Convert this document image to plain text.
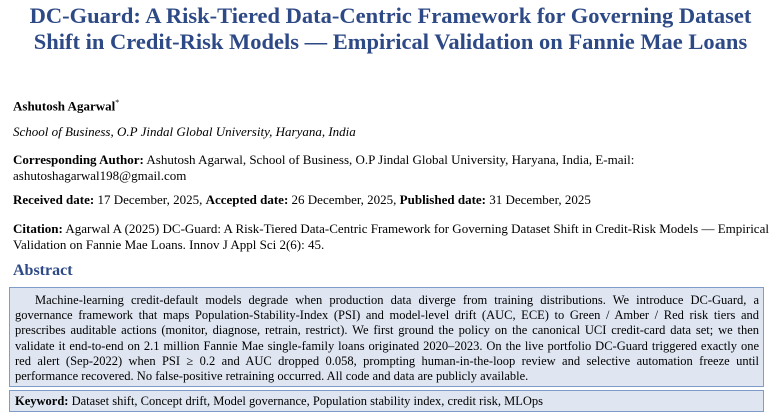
DC-Guard: A Risk-Tiered Data-Centric Framework for Governing Dataset Shift in Credit-Risk Models — Empirical Validation on Fannie Mae Loans
Ashutosh Agarwal*
School of Business, O.P Jindal Global University, Haryana, India
Corresponding Author: Ashutosh Agarwal, School of Business, O.P Jindal Global University, Haryana, India, E-mail: ashutoshagarwal198@gmail.com
Received date: 17 December, 2025, Accepted date: 26 December, 2025, Published date: 31 December, 2025
Citation: Agarwal A (2025) DC-Guard: A Risk-Tiered Data-Centric Framework for Governing Dataset Shift in Credit-Risk Models — Empirical Validation on Fannie Mae Loans. Innov J Appl Sci 2(6): 45.
Abstract

Machine-learning credit-default models degrade when production data diverge from training distributions. We introduce DC-Guard, a governance framework that maps Population-Stability-Index (PSI) and model-level drift (AUC, ECE) to Green / Amber / Red risk tiers and prescribes auditable actions (monitor, diagnose, retrain, restrict). We first ground the policy on the canonical UCI credit-card data set; we then validate it end-to-end on 2.1 million Fannie Mae single-family loans originated 2020–2023. On the live portfolio DC-Guard triggered exactly one red alert (Sep-2022) when PSI ≥ 0.2 and AUC dropped 0.058, prompting human-in-the-loop review and selective automation freeze until performance recovered. No false-positive retraining occurred. All code and data are publicly available.

Keyword: Dataset shift, Concept drift, Model governance, Population stability index, credit risk, MLOps
